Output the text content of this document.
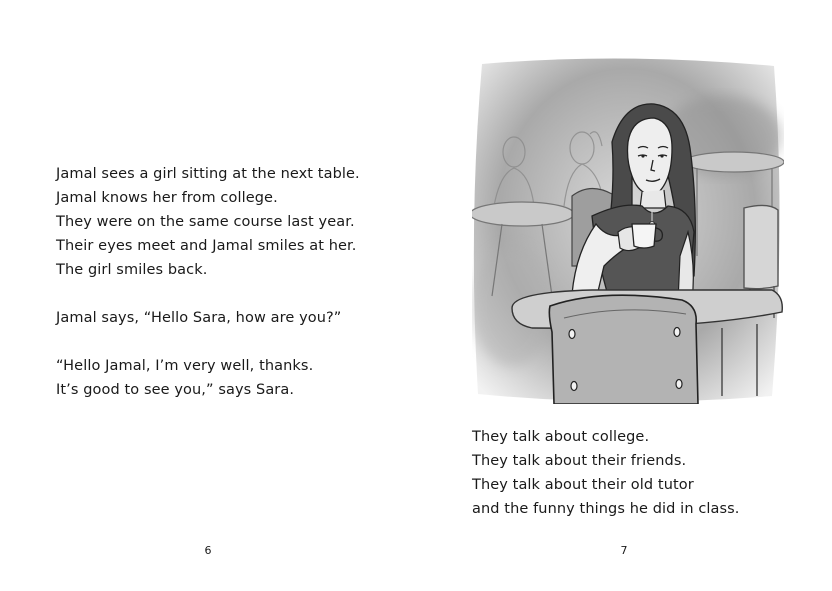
Jamal sees a girl sitting at the next table.
Jamal knows her from college.
They were on the same course last year.
Their eyes meet and Jamal smiles at her.
The girl smiles back.
Jamal says, “Hello Sara, how are you?”
“Hello Jamal, I’m very well, thanks.
It’s good to see you,” says Sara.
6
They talk about college.
They talk about their friends.
They talk about their old tutor
and the funny things he did in class.
7
